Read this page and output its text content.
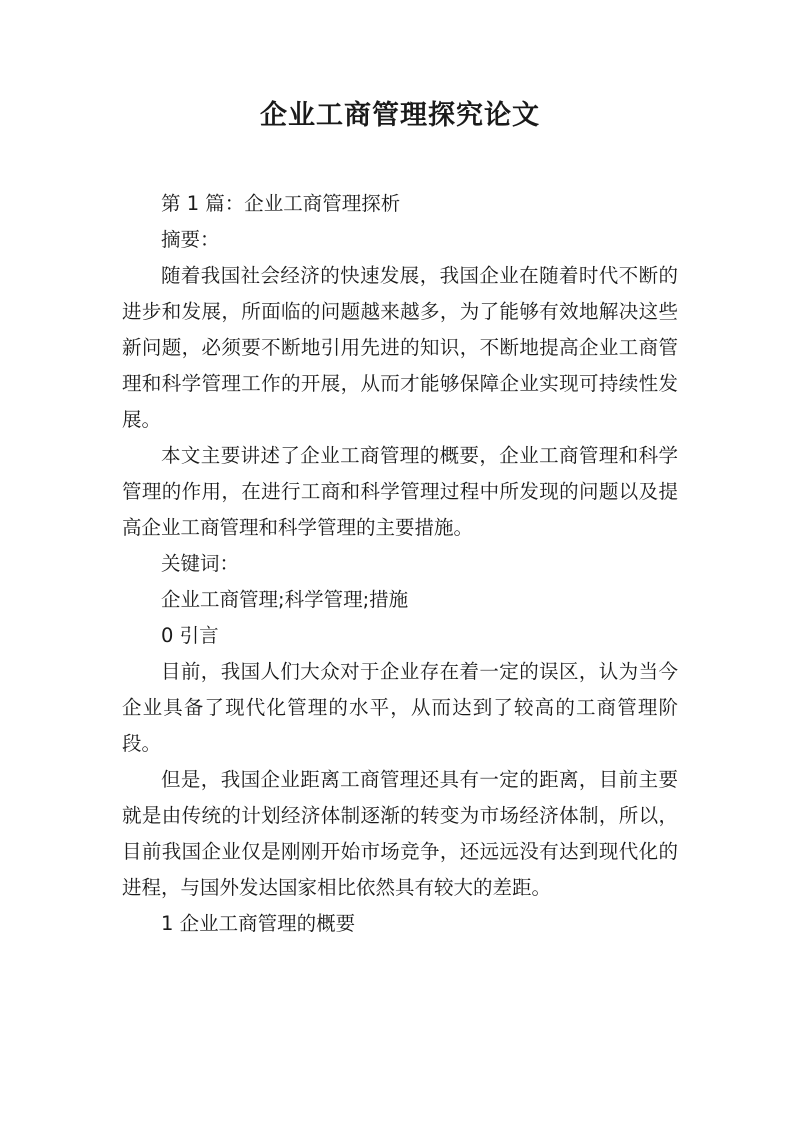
企业工商管理探究论文

第 1 篇：企业工商管理探析

摘要：

随着我国社会经济的快速发展，我国企业在随着时代不断的进步和发展，所面临的问题越来越多，为了能够有效地解决这些新问题，必须要不断地引用先进的知识，不断地提高企业工商管理和科学管理工作的开展，从而才能够保障企业实现可持续性发展。

本文主要讲述了企业工商管理的概要，企业工商管理和科学管理的作用，在进行工商和科学管理过程中所发现的问题以及提高企业工商管理和科学管理的主要措施。

关键词：

企业工商管理;科学管理;措施

0 引言

目前，我国人们大众对于企业存在着一定的误区，认为当今企业具备了现代化管理的水平，从而达到了较高的工商管理阶段。

但是，我国企业距离工商管理还具有一定的距离，目前主要就是由传统的计划经济体制逐渐的转变为市场经济体制，所以，目前我国企业仅是刚刚开始市场竞争，还远远没有达到现代化的进程，与国外发达国家相比依然具有较大的差距。

1 企业工商管理的概要
